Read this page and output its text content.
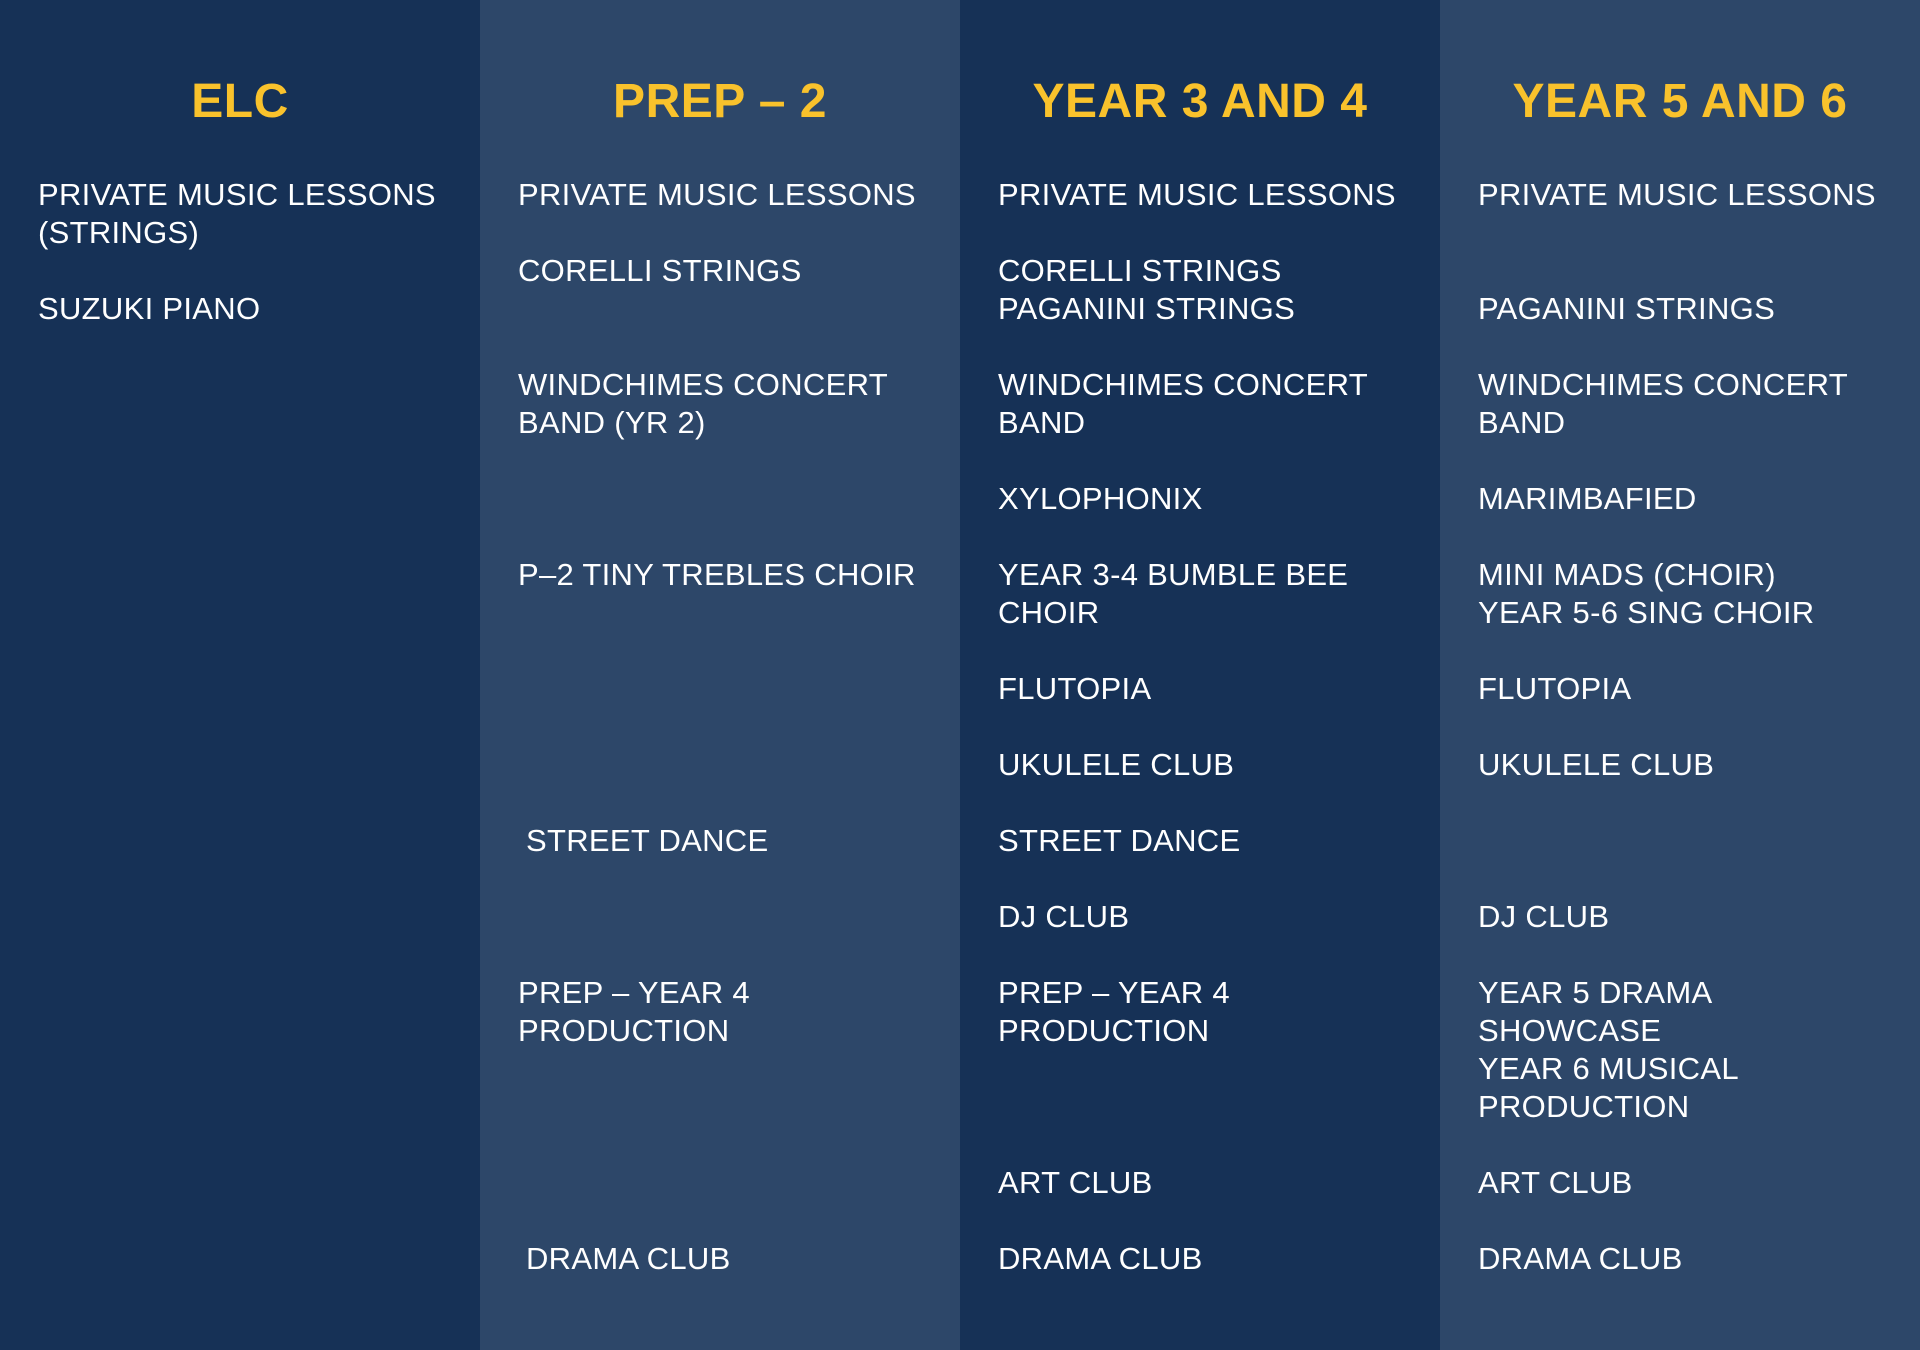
ELC
PRIVATE MUSIC LESSONS
(STRINGS)
SUZUKI PIANO
PREP – 2
PRIVATE MUSIC LESSONS
CORELLI STRINGS
WINDCHIMES CONCERT
BAND (YR 2)
P–2 TINY TREBLES CHOIR
STREET DANCE
PREP – YEAR 4
PRODUCTION
DRAMA CLUB
YEAR 3 AND 4
PRIVATE MUSIC LESSONS
CORELLI STRINGS
PAGANINI STRINGS
WINDCHIMES CONCERT
BAND
XYLOPHONIX
YEAR 3-4 BUMBLE BEE
CHOIR
FLUTOPIA
UKULELE CLUB
STREET DANCE
DJ CLUB
PREP – YEAR 4
PRODUCTION
ART CLUB
DRAMA CLUB
YEAR 5 AND 6
PRIVATE MUSIC LESSONS
PAGANINI STRINGS
WINDCHIMES CONCERT
BAND
MARIMBAFIED
MINI MADS (CHOIR)
YEAR 5-6 SING CHOIR
FLUTOPIA
UKULELE CLUB
DJ CLUB
YEAR 5 DRAMA
SHOWCASE
YEAR 6 MUSICAL
PRODUCTION
ART CLUB
DRAMA CLUB
